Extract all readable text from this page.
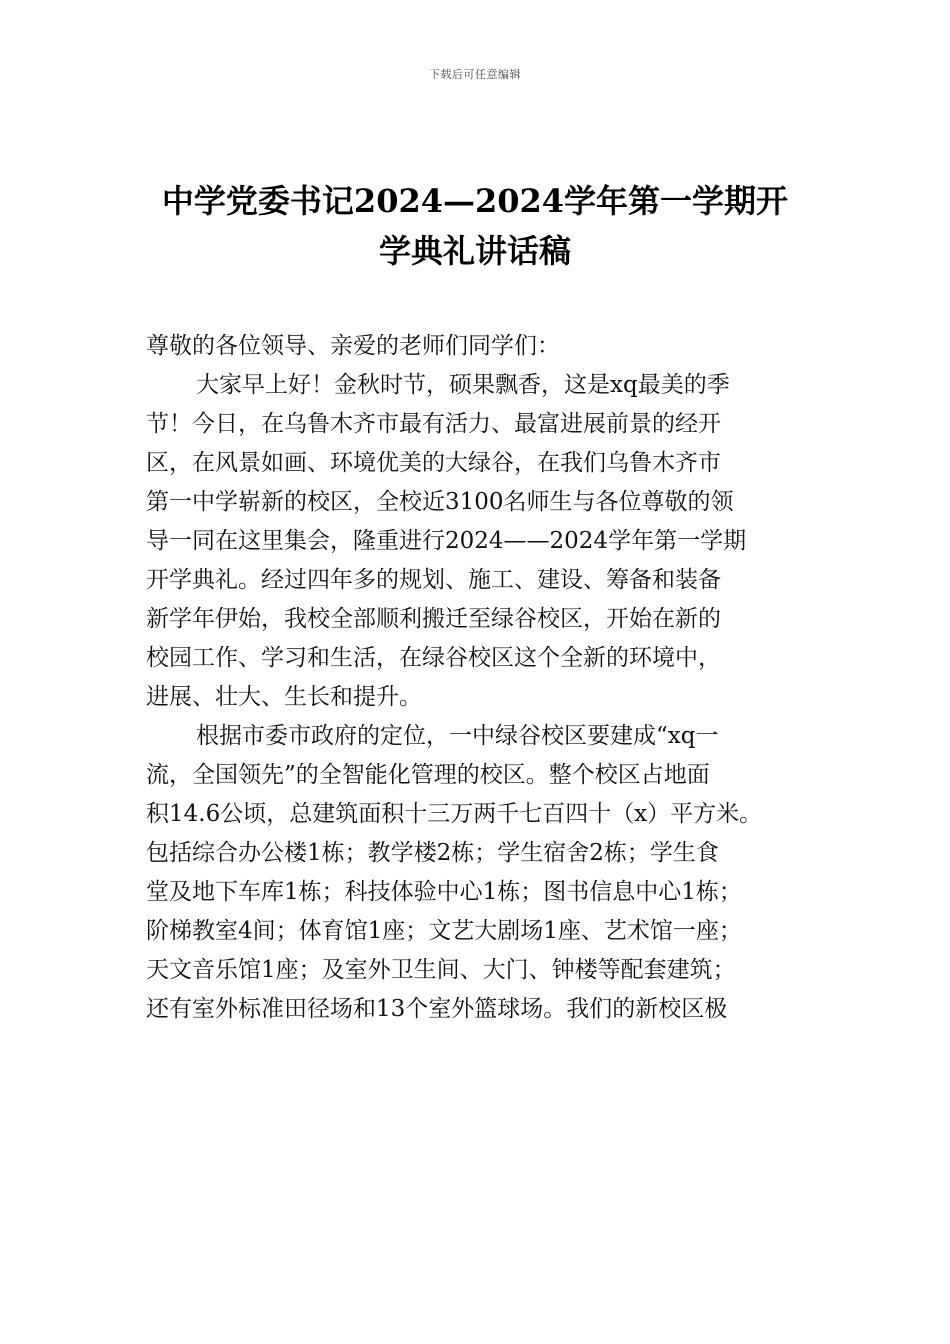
下载后可任意编辑
中学党委书记2024—2024学年第一学期开
学典礼讲话稿
尊敬的各位领导、亲爱的老师们同学们：
大家早上好！金秋时节，硕果飘香，这是xq最美的季
节！今日，在乌鲁木齐市最有活力、最富进展前景的经开
区，在风景如画、环境优美的大绿谷，在我们乌鲁木齐市
第一中学崭新的校区，全校近3100名师生与各位尊敬的领
导一同在这里集会，隆重进行2024——2024学年第一学期
开学典礼。经过四年多的规划、施工、建设、筹备和装备
新学年伊始，我校全部顺利搬迁至绿谷校区，开始在新的
校园工作、学习和生活，在绿谷校区这个全新的环境中，
进展、壮大、生长和提升。
根据市委市政府的定位，一中绿谷校区要建成“xq一
流，全国领先”的全智能化管理的校区。整个校区占地面
积14.6公顷，总建筑面积十三万两千七百四十（x）平方米。
包括综合办公楼1栋；教学楼2栋；学生宿舍2栋；学生食
堂及地下车库1栋；科技体验中心1栋；图书信息中心1栋；
阶梯教室4间；体育馆1座；文艺大剧场1座、艺术馆一座；
天文音乐馆1座；及室外卫生间、大门、钟楼等配套建筑；
还有室外标准田径场和13个室外篮球场。我们的新校区极
